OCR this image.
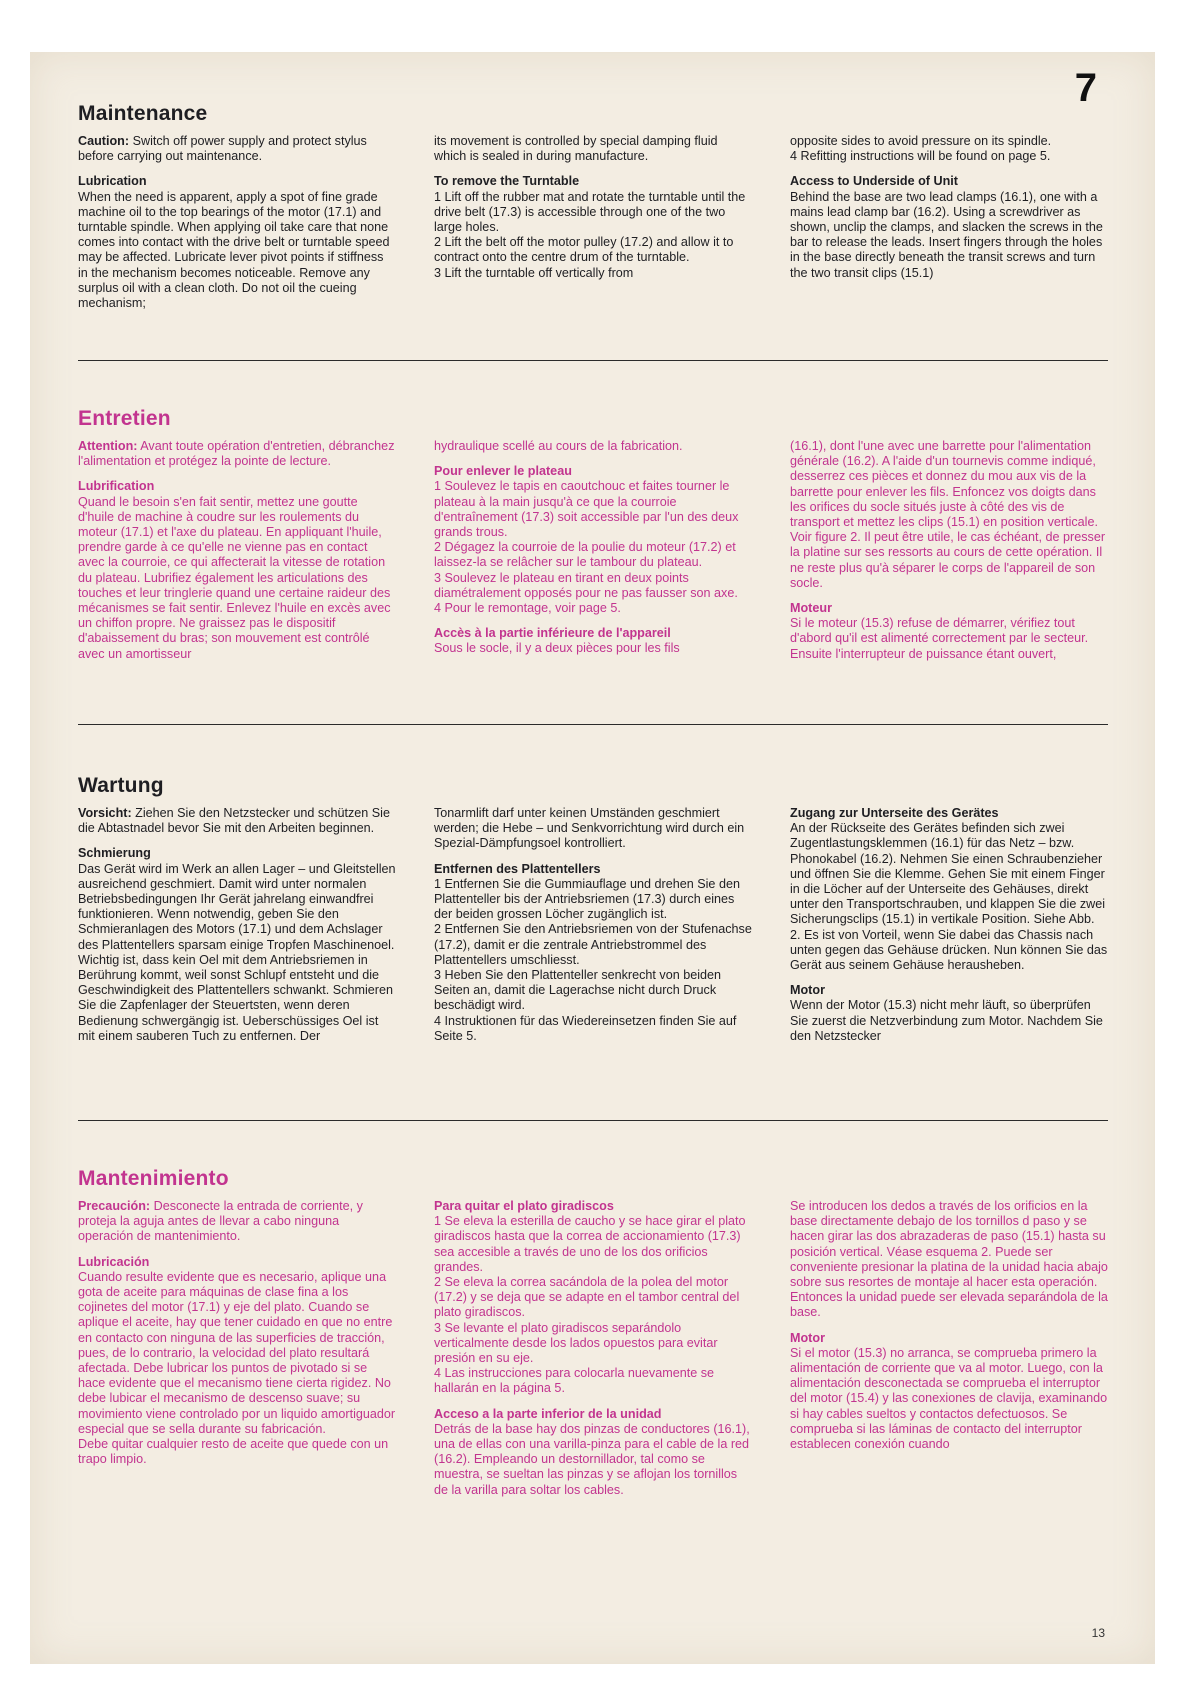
7
Maintenance

Caution: Switch off power supply and protect stylus before carrying out maintenance.

Lubrication

When the need is apparent, apply a spot of fine grade machine oil to the top bearings of the motor (17.1) and turntable spindle. When applying oil take care that none comes into contact with the drive belt or turntable speed may be affected. Lubricate lever pivot points if stiffness in the mechanism becomes noticeable. Remove any surplus oil with a clean cloth. Do not oil the cueing mechanism;

its movement is controlled by special damping fluid which is sealed in during manufacture.

To remove the Turntable

1 Lift off the rubber mat and rotate the turntable until the drive belt (17.3) is accessible through one of the two large holes.
2 Lift the belt off the motor pulley (17.2) and allow it to contract onto the centre drum of the turntable.
3 Lift the turntable off vertically from

opposite sides to avoid pressure on its spindle.
4 Refitting instructions will be found on page 5.

Access to Underside of Unit

Behind the base are two lead clamps (16.1), one with a mains lead clamp bar (16.2). Using a screwdriver as shown, unclip the clamps, and slacken the screws in the bar to release the leads. Insert fingers through the holes in the base directly beneath the transit screws and turn the two transit clips (15.1)

Entretien

Attention: Avant toute opération d'entretien, débranchez l'alimentation et protégez la pointe de lecture.

Lubrification

Quand le besoin s'en fait sentir, mettez une goutte d'huile de machine à coudre sur les roulements du moteur (17.1) et l'axe du plateau. En appliquant l'huile, prendre garde à ce qu'elle ne vienne pas en contact avec la courroie, ce qui affecterait la vitesse de rotation du plateau. Lubrifiez également les articulations des touches et leur tringlerie quand une certaine raideur des mécanismes se fait sentir. Enlevez l'huile en excès avec un chiffon propre. Ne graissez pas le dispositif d'abaissement du bras; son mouvement est contrôlé avec un amortisseur

hydraulique scellé au cours de la fabrication.

Pour enlever le plateau

1 Soulevez le tapis en caoutchouc et faites tourner le plateau à la main jusqu'à ce que la courroie d'entraînement (17.3) soit accessible par l'un des deux grands trous.
2 Dégagez la courroie de la poulie du moteur (17.2) et laissez-la se relâcher sur le tambour du plateau.
3 Soulevez le plateau en tirant en deux points diamétralement opposés pour ne pas fausser son axe.
4 Pour le remontage, voir page 5.

Accès à la partie inférieure de l'appareil

Sous le socle, il y a deux pièces pour les fils

(16.1), dont l'une avec une barrette pour l'alimentation générale (16.2). A l'aide d'un tournevis comme indiqué, desserrez ces pièces et donnez du mou aux vis de la barrette pour enlever les fils. Enfoncez vos doigts dans les orifices du socle situés juste à côté des vis de transport et mettez les clips (15.1) en position verticale. Voir figure 2. Il peut être utile, le cas échéant, de presser la platine sur ses ressorts au cours de cette opération. Il ne reste plus qu'à séparer le corps de l'appareil de son socle.

Moteur

Si le moteur (15.3) refuse de démarrer, vérifiez tout d'abord qu'il est alimenté correctement par le secteur. Ensuite l'interrupteur de puissance étant ouvert,

Wartung

Vorsicht: Ziehen Sie den Netzstecker und schützen Sie die Abtastnadel bevor Sie mit den Arbeiten beginnen.

Schmierung

Das Gerät wird im Werk an allen Lager – und Gleitstellen ausreichend geschmiert. Damit wird unter normalen Betriebsbedingungen Ihr Gerät jahrelang einwandfrei funktionieren. Wenn notwendig, geben Sie den Schmieranlagen des Motors (17.1) und dem Achslager des Plattentellers sparsam einige Tropfen Maschinenoel. Wichtig ist, dass kein Oel mit dem Antriebsriemen in Berührung kommt, weil sonst Schlupf entsteht und die Geschwindigkeit des Plattentellers schwankt. Schmieren Sie die Zapfenlager der Steuertsten, wenn deren Bedienung schwergängig ist. Ueberschüssiges Oel ist mit einem sauberen Tuch zu entfernen. Der

Tonarmlift darf unter keinen Umständen geschmiert werden; die Hebe – und Senkvorrichtung wird durch ein Spezial-Dämpfungsoel kontrolliert.

Entfernen des Plattentellers

1 Entfernen Sie die Gummiauflage und drehen Sie den Plattenteller bis der Antriebsriemen (17.3) durch eines der beiden grossen Löcher zugänglich ist.
2 Entfernen Sie den Antriebsriemen von der Stufenachse (17.2), damit er die zentrale Antriebstrommel des Plattentellers umschliesst.
3 Heben Sie den Plattenteller senkrecht von beiden Seiten an, damit die Lagerachse nicht durch Druck beschädigt wird.
4 Instruktionen für das Wiedereinsetzen finden Sie auf Seite 5.

Zugang zur Unterseite des Gerätes

An der Rückseite des Gerätes befinden sich zwei Zugentlastungsklemmen (16.1) für das Netz – bzw. Phonokabel (16.2). Nehmen Sie einen Schraubenzieher und öffnen Sie die Klemme. Gehen Sie mit einem Finger in die Löcher auf der Unterseite des Gehäuses, direkt unter den Transportschrauben, und klappen Sie die zwei Sicherungsclips (15.1) in vertikale Position. Siehe Abb. 2. Es ist von Vorteil, wenn Sie dabei das Chassis nach unten gegen das Gehäuse drücken. Nun können Sie das Gerät aus seinem Gehäuse herausheben.

Motor

Wenn der Motor (15.3) nicht mehr läuft, so überprüfen Sie zuerst die Netzverbindung zum Motor. Nachdem Sie den Netzstecker

Mantenimiento

Precaución: Desconecte la entrada de corriente, y proteja la aguja antes de llevar a cabo ninguna operación de mantenimiento.

Lubricación

Cuando resulte evidente que es necesario, aplique una gota de aceite para máquinas de clase fina a los cojinetes del motor (17.1) y eje del plato. Cuando se aplique el aceite, hay que tener cuidado en que no entre en contacto con ninguna de las superficies de tracción, pues, de lo contrario, la velocidad del plato resultará afectada. Debe lubricar los puntos de pivotado si se hace evidente que el mecanismo tiene cierta rigidez. No debe lubicar el mecanismo de descenso suave; su movimiento viene controlado por un liquido amortiguador especial que se sella durante su fabricación.
Debe quitar cualquier resto de aceite que quede con un trapo limpio.

Para quitar el plato giradiscos

1 Se eleva la esterilla de caucho y se hace girar el plato giradiscos hasta que la correa de accionamiento (17.3) sea accesible a través de uno de los dos orificios grandes.
2 Se eleva la correa sacándola de la polea del motor (17.2) y se deja que se adapte en el tambor central del plato giradiscos.
3 Se levante el plato giradiscos separándolo verticalmente desde los lados opuestos para evitar presión en su eje.
4 Las instrucciones para colocarla nuevamente se hallarán en la página 5.

Acceso a la parte inferior de la unidad

Detrás de la base hay dos pinzas de conductores (16.1), una de ellas con una varilla-pinza para el cable de la red (16.2). Empleando un destornillador, tal como se muestra, se sueltan las pinzas y se aflojan los tornillos de la varilla para soltar los cables.

Se introducen los dedos a través de los orificios en la base directamente debajo de los tornillos d paso y se hacen girar las dos abrazaderas de paso (15.1) hasta su posición vertical. Véase esquema 2. Puede ser conveniente presionar la platina de la unidad hacia abajo sobre sus resortes de montaje al hacer esta operación. Entonces la unidad puede ser elevada separándola de la base.

Motor

Si el motor (15.3) no arranca, se comprueba primero la alimentación de corriente que va al motor. Luego, con la alimentación desconectada se comprueba el interruptor del motor (15.4) y las conexiones de clavija, examinando si hay cables sueltos y contactos defectuosos. Se comprueba si las láminas de contacto del interruptor establecen conexión cuando

13
